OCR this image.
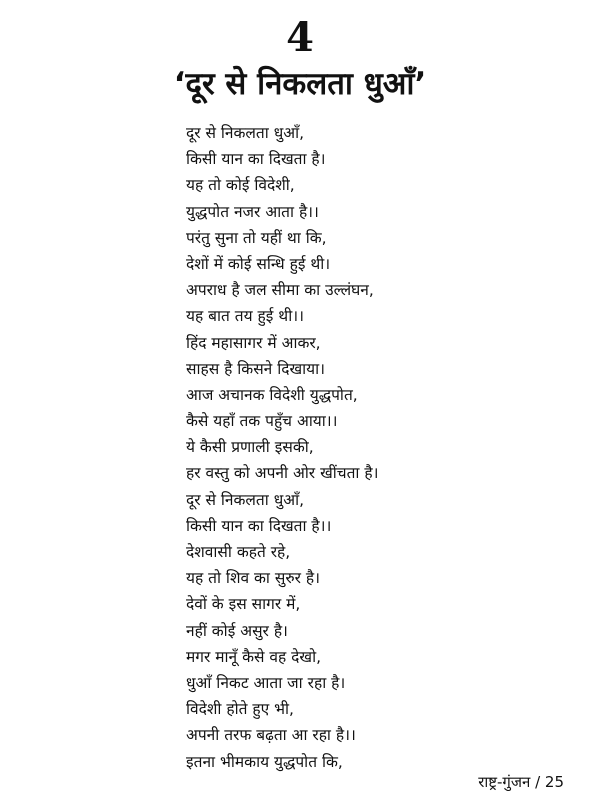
4
‘दूर से निकलता धुआँ’
दूर से निकलता धुआँ,
किसी यान का दिखता है।
यह तो कोई विदेशी,
युद्धपोत नजर आता है।।
परंतु सुना तो यहीं था कि,
देशों में कोई सन्धि हुई थी।
अपराध है जल सीमा का उल्लंघन,
यह बात तय हुई थी।।
हिंद महासागर में आकर,
साहस है किसने दिखाया।
आज अचानक विदेशी युद्धपोत,
कैसे यहाँ तक पहुँच आया।।
ये कैसी प्रणाली इसकी,
हर वस्तु को अपनी ओर खींचता है।
दूर से निकलता धुआँ,
किसी यान का दिखता है।।
देशवासी कहते रहे,
यह तो शिव का सुरुर है।
देवों के इस सागर में,
नहीं कोई असुर है।
मगर मानूँ कैसे वह देखो,
धुआँ निकट आता जा रहा है।
विदेशी होते हुए भी,
अपनी तरफ बढ़ता आ रहा है।।
इतना भीमकाय युद्धपोत कि,
राष्ट्र-गुंजन / 25
